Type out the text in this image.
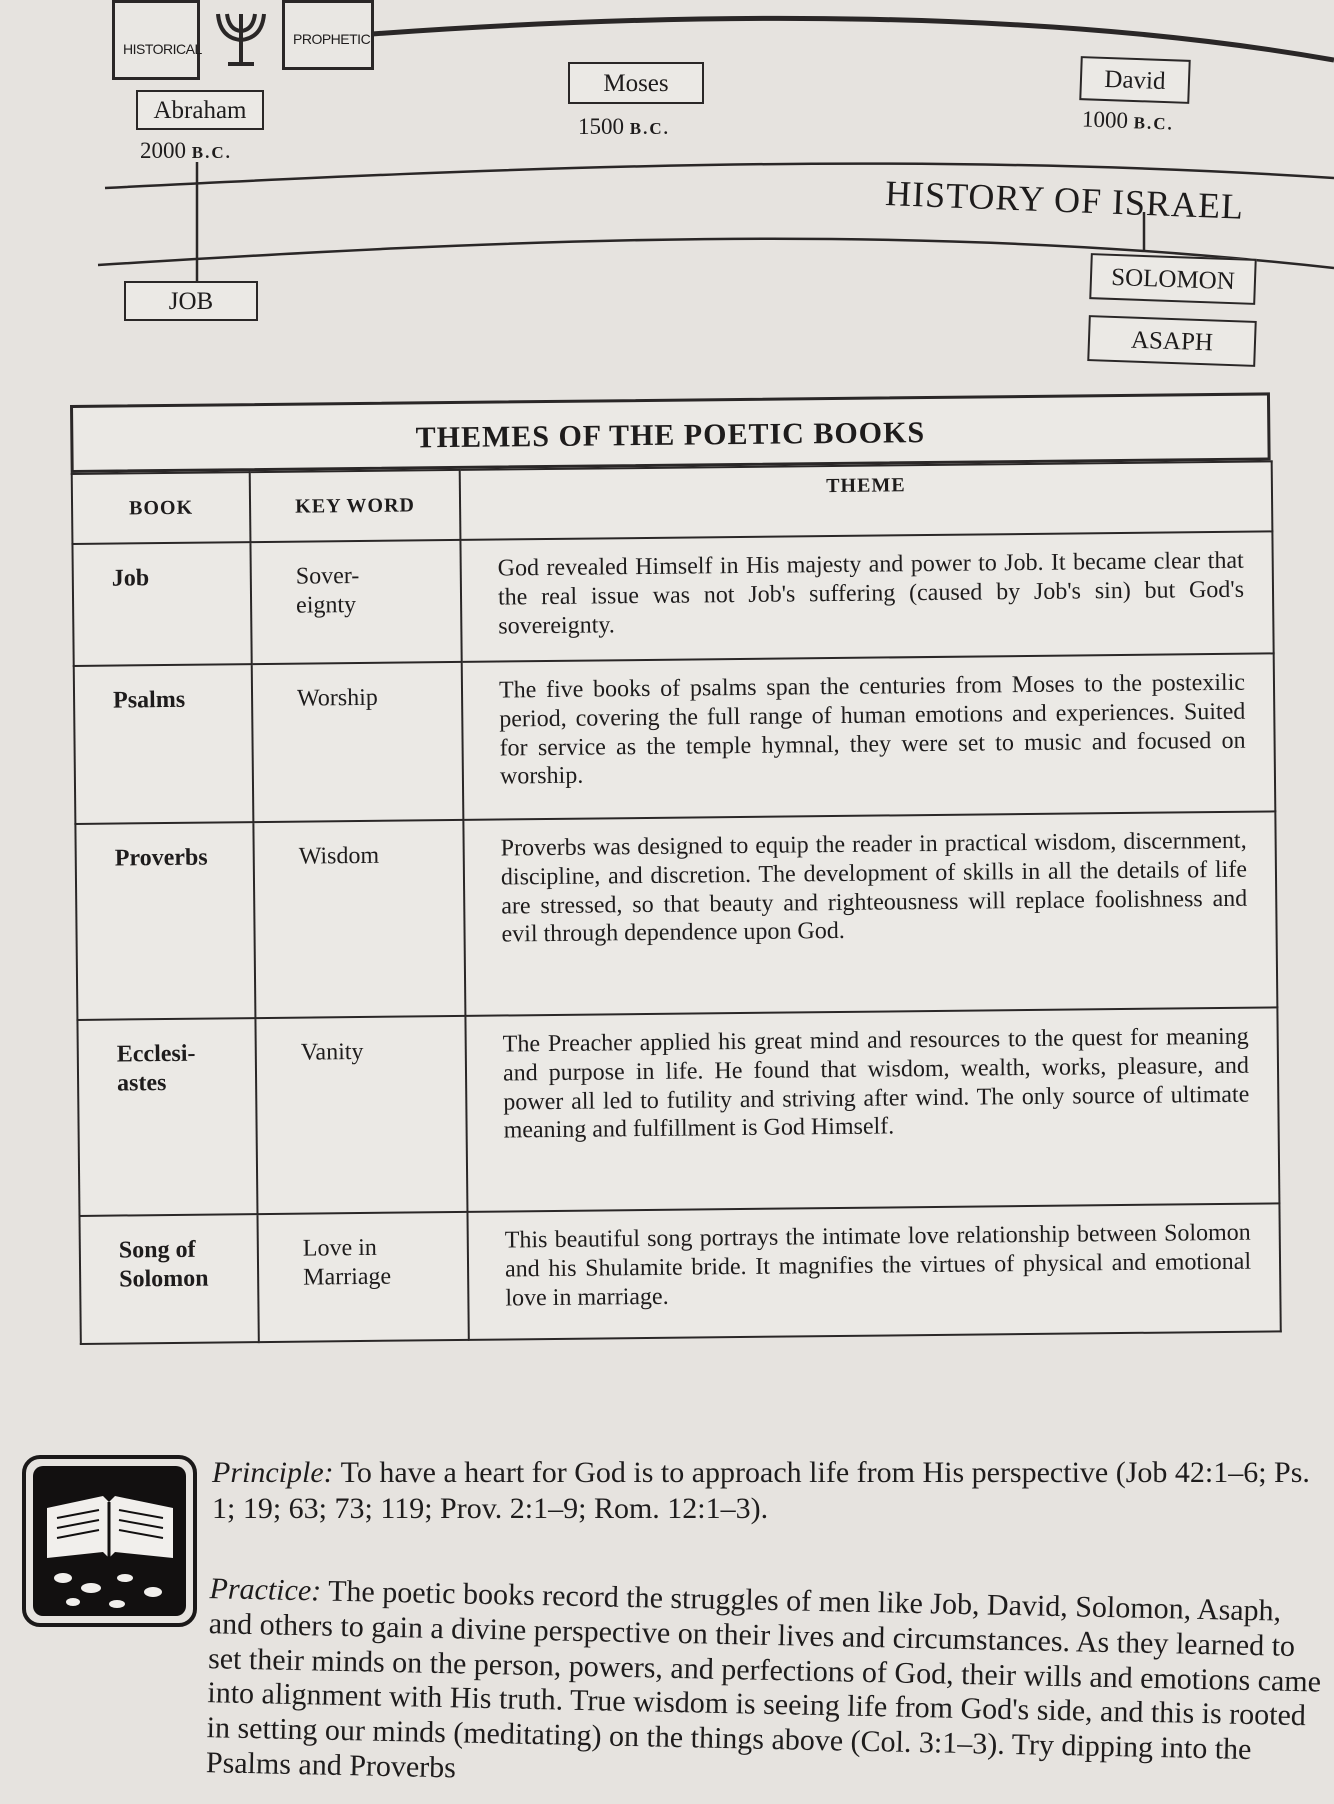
HISTORICAL
PROPHETIC
Abraham
2000 B.C.
Moses
1500 B.C.
David
1000 B.C.
HISTORY OF ISRAEL
JOB
SOLOMON
ASAPH
THEMES OF THE POETIC BOOKS
BOOK	KEY WORD	THEME
Job	Sover- eignty	God revealed Himself in His majesty and power to Job. It became clear that the real issue was not Job's suffering (caused by Job's sin) but God's sovereignty.
Psalms	Worship	The five books of psalms span the centuries from Moses to the postexilic period, covering the full range of human emotions and experiences. Suited for service as the temple hymnal, they were set to music and focused on worship.
Proverbs	Wisdom	Proverbs was designed to equip the reader in practical wisdom, discernment, discipline, and discretion. The development of skills in all the details of life are stressed, so that beauty and righteousness will replace foolishness and evil through dependence upon God.

Ecclesi- astes	Vanity	The Preacher applied his great mind and resources to the quest for meaning and purpose in life. He found that wisdom, wealth, works, pleasure, and power all led to futility and striving after wind. The only source of ultimate meaning and fulfillment is God Himself.

Song of Solomon	Love in Marriage	This beautiful song portrays the intimate love relationship between Solomon and his Shulamite bride. It magnifies the virtues of physical and emotional love in marriage.
Principle: To have a heart for God is to approach life from His perspective (Job 42:1–6; Ps. 1; 19; 63; 73; 119; Prov. 2:1–9; Rom. 12:1–3).
Practice: The poetic books record the struggles of men like Job, David, Solomon, Asaph, and others to gain a divine perspective on their lives and circumstances. As they learned to set their minds on the person, powers, and perfections of God, their wills and emotions came into alignment with His truth. True wisdom is seeing life from God's side, and this is rooted in setting our minds (meditating) on the things above (Col. 3:1–3). Try dipping into the Psalms and Proverbs
